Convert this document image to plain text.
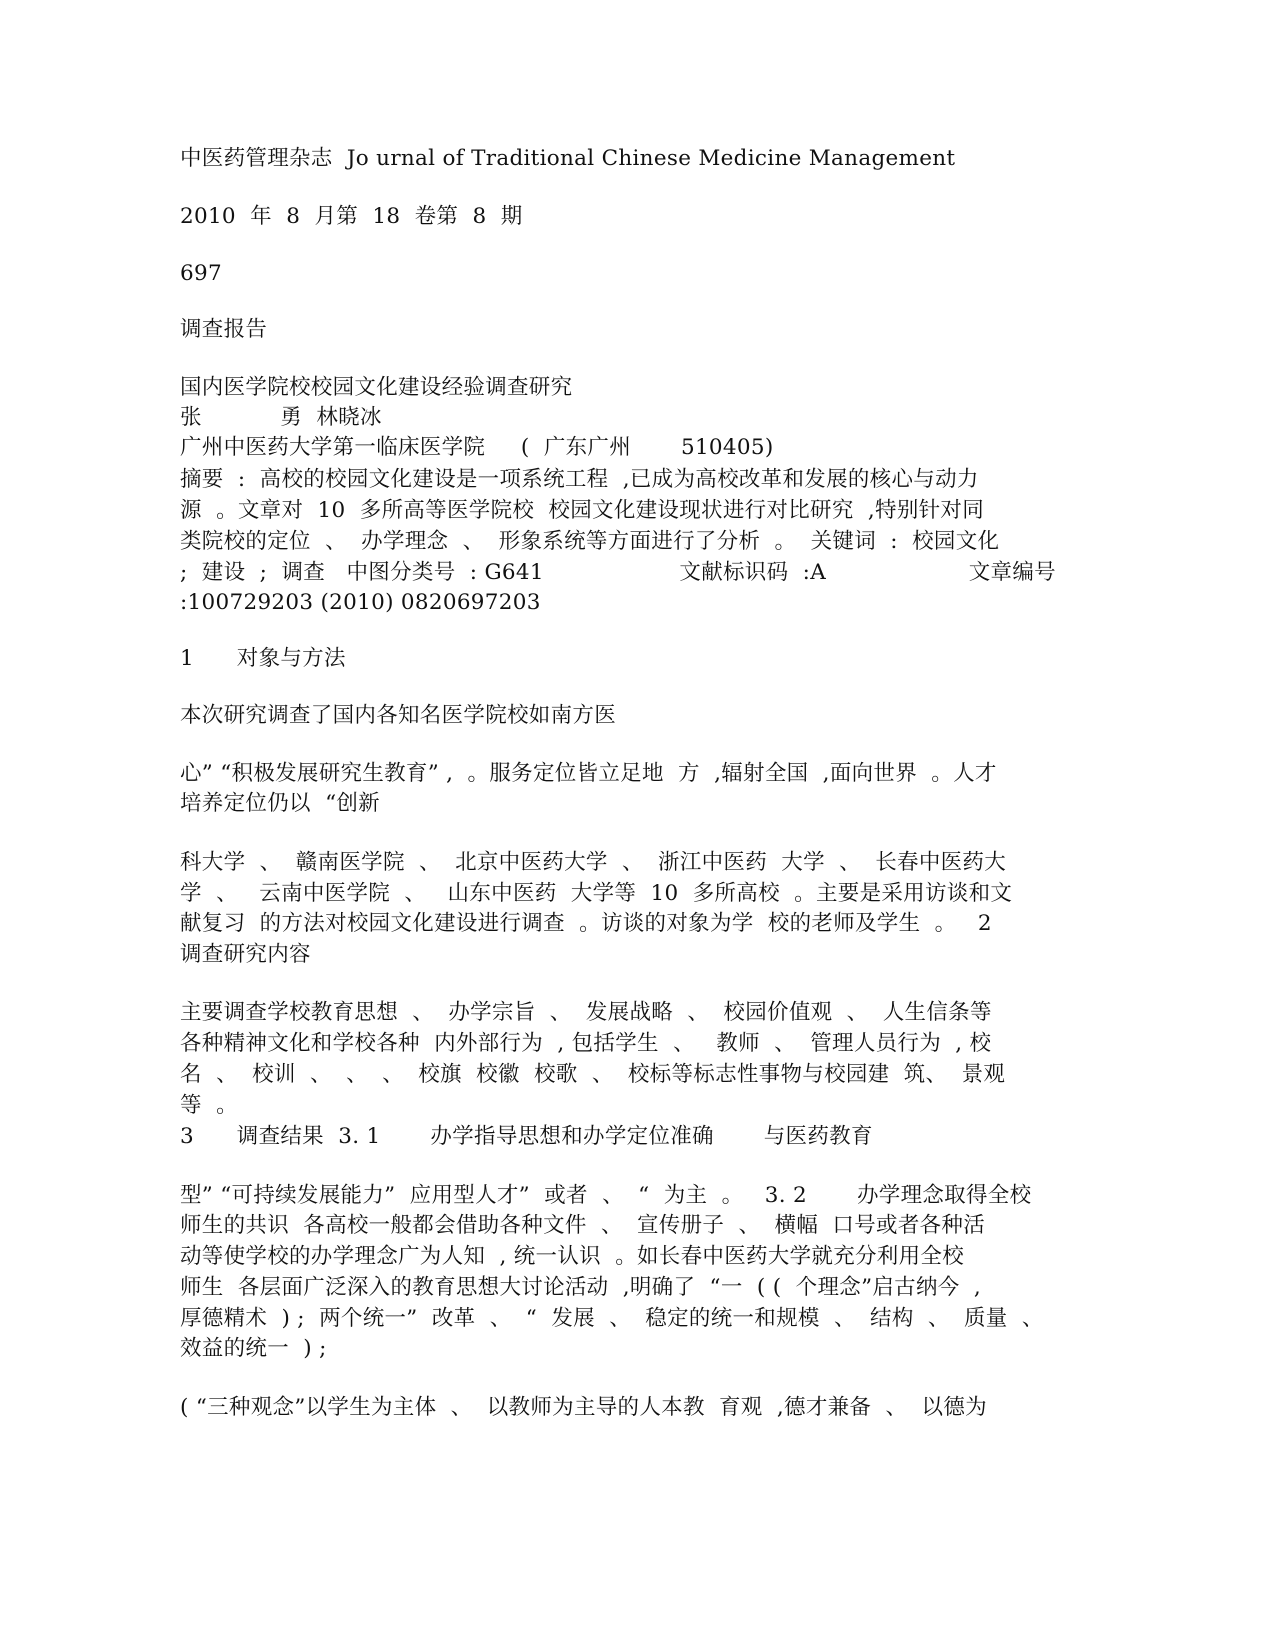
中医药管理杂志  Jo urnal of Traditional Chinese Medicine Management

2010  年  8  月第  18  卷第  8  期

697

调查报告

国内医学院校校园文化建设经验调查研究

张           勇  林晓冰

广州中医药大学第一临床医学院     (  广东广州       510405)

摘要  :  高校的校园文化建设是一项系统工程  ,已成为高校改革和发展的核心与动力

源  。文章对  10  多所高等医学院校  校园文化建设现状进行对比研究  ,特别针对同

类院校的定位  、  办学理念  、  形象系统等方面进行了分析  。  关键词  :  校园文化

;  建设  ;  调查   中图分类号  : G641                   文献标识码  :A                    文章编号

:100729203 (2010) 0820697203

1      对象与方法

本次研究调查了国内各知名医学院校如南方医

心” “积极发展研究生教育” ,  。服务定位皆立足地  方  ,辐射全国  ,面向世界  。人才

培养定位仍以  “创新

科大学  、  赣南医学院  、  北京中医药大学  、  浙江中医药  大学  、  长春中医药大

学  、   云南中医学院  、   山东中医药  大学等  10  多所高校  。主要是采用访谈和文

献复习  的方法对校园文化建设进行调查  。访谈的对象为学  校的老师及学生  。   2

调查研究内容

主要调查学校教育思想  、  办学宗旨  、  发展战略  、  校园价值观  、  人生信条等

各种精神文化和学校各种  内外部行为  , 包括学生  、   教师  、  管理人员行为  , 校

名  、  校训  、  、  、  校旗  校徽  校歌  、  校标等标志性事物与校园建  筑、  景观

等  。

3      调查结果  3. 1       办学指导思想和办学定位准确       与医药教育

型” “可持续发展能力”  应用型人才”  或者  、  “  为主  。   3. 2       办学理念取得全校

师生的共识  各高校一般都会借助各种文件  、  宣传册子  、  横幅  口号或者各种活

动等使学校的办学理念广为人知  , 统一认识  。如长春中医药大学就充分利用全校

师生  各层面广泛深入的教育思想大讨论活动  ,明确了  “一  ( (  个理念”启古纳今  ,

厚德精术  ) ;  两个统一”  改革  、  “  发展  、  稳定的统一和规模  、  结构  、  质量  、

效益的统一  ) ;

( “三种观念”以学生为主体  、  以教师为主导的人本教  育观  ,德才兼备  、  以德为
